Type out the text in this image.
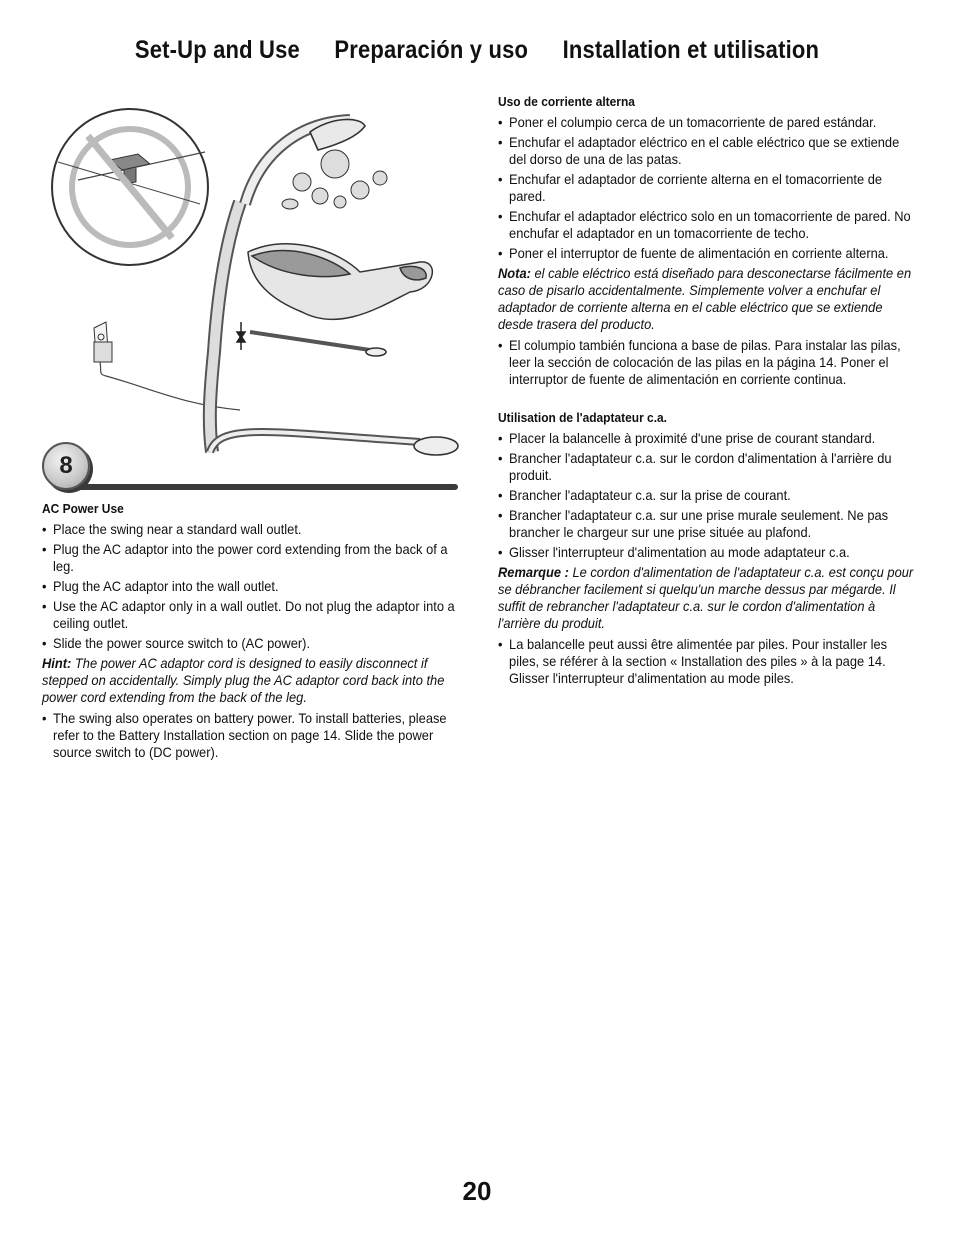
Set-Up and Use Preparación y uso Installation et utilisation
8
AC Power Use
• Place the swing near a standard wall outlet.
• Plug the AC adaptor into the power cord extending from the back of a leg.
• Plug the AC adaptor into the wall outlet.
• Use the AC adaptor only in a wall outlet. Do not plug the adaptor into a ceiling outlet.
• Slide the power source switch to (AC power).
Hint: The power AC adaptor cord is designed to easily disconnect if stepped on accidentally. Simply plug the AC adaptor cord back into the power cord extending from the back of the leg.
• The swing also operates on battery power. To install batteries, please refer to the Battery Installation section on page 14. Slide the power source switch to (DC power).
Uso de corriente alterna
• Poner el columpio cerca de un tomacorriente de pared estándar.
• Enchufar el adaptador eléctrico en el cable eléctrico que se extiende del dorso de una de las patas.
• Enchufar el adaptador de corriente alterna en el tomacorriente de pared.
• Enchufar el adaptador eléctrico solo en un tomacorriente de pared. No enchufar el adaptador en un tomacorriente de techo.
• Poner el interruptor de fuente de alimentación en corriente alterna.
Nota: el cable eléctrico está diseñado para desconectarse fácilmente en caso de pisarlo accidentalmente. Simplemente volver a enchufar el adaptador de corriente alterna en el cable eléctrico que se extiende desde trasera del producto.
• El columpio también funciona a base de pilas. Para instalar las pilas, leer la sección de colocación de las pilas en la página 14. Poner el interruptor de fuente de alimentación en corriente continua.
Utilisation de l'adaptateur c.a.
• Placer la balancelle à proximité d'une prise de courant standard.
• Brancher l'adaptateur c.a. sur le cordon d'alimentation à l'arrière du produit.
• Brancher l'adaptateur c.a. sur la prise de courant.
• Brancher l'adaptateur c.a. sur une prise murale seulement. Ne pas brancher le chargeur sur une prise située au plafond.
• Glisser l'interrupteur d'alimentation au mode adaptateur c.a.
Remarque : Le cordon d'alimentation de l'adaptateur c.a. est conçu pour se débrancher facilement si quelqu'un marche dessus par mégarde. Il suffit de rebrancher l'adaptateur c.a. sur le cordon d'alimentation à l'arrière du produit.
• La balancelle peut aussi être alimentée par piles. Pour installer les piles, se référer à la section « Installation des piles » à la page 14. Glisser l'interrupteur d'alimentation au mode piles.
20
